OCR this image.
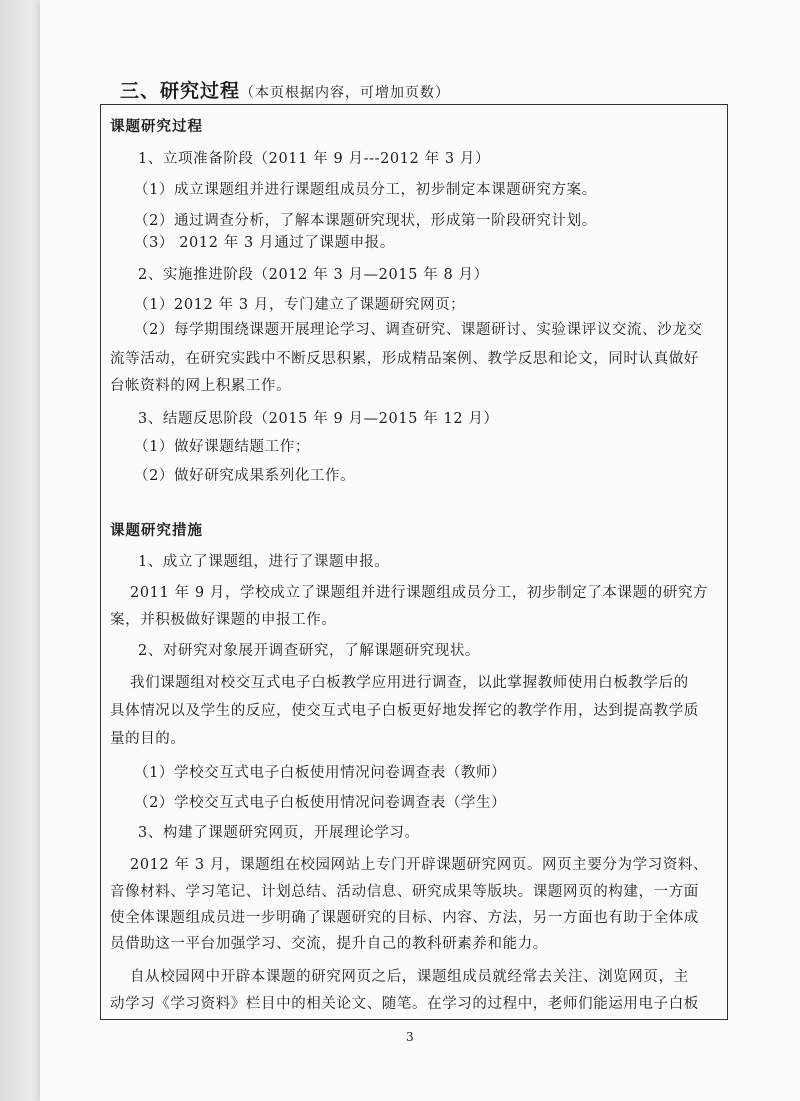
三、研究过程（本页根据内容，可增加页数）
课题研究过程
1、立项准备阶段（2011 年 9 月---2012 年 3 月）
（1）成立课题组并进行课题组成员分工，初步制定本课题研究方案。
（2）通过调查分析，了解本课题研究现状，形成第一阶段研究计划。
（3） 2012 年 3 月通过了课题申报。
2、实施推进阶段（2012 年 3 月—2015 年 8 月）
（1）2012 年 3 月，专门建立了课题研究网页；
（2）每学期围绕课题开展理论学习、调查研究、课题研讨、实验课评议交流、沙龙交
流等活动，在研究实践中不断反思积累，形成精品案例、教学反思和论文，同时认真做好
台帐资料的网上积累工作。
3、结题反思阶段（2015 年 9 月—2015 年 12 月）
（1）做好课题结题工作；
（2）做好研究成果系列化工作。
课题研究措施
1、成立了课题组，进行了课题申报。
2011 年 9 月，学校成立了课题组并进行课题组成员分工，初步制定了本课题的研究方
案，并积极做好课题的申报工作。
2、对研究对象展开调查研究，了解课题研究现状。
我们课题组对校交互式电子白板教学应用进行调查，以此掌握教师使用白板教学后的
具体情况以及学生的反应，使交互式电子白板更好地发挥它的教学作用，达到提高教学质
量的目的。
（1）学校交互式电子白板使用情况问卷调查表（教师）
（2）学校交互式电子白板使用情况问卷调查表（学生）
3、构建了课题研究网页，开展理论学习。
2012 年 3 月，课题组在校园网站上专门开辟课题研究网页。网页主要分为学习资料、
音像材料、学习笔记、计划总结、活动信息、研究成果等版块。课题网页的构建，一方面
使全体课题组成员进一步明确了课题研究的目标、内容、方法，另一方面也有助于全体成
员借助这一平台加强学习、交流，提升自己的教科研素养和能力。
自从校园网中开辟本课题的研究网页之后，课题组成员就经常去关注、浏览网页，主
动学习《学习资料》栏目中的相关论文、随笔。在学习的过程中，老师们能运用电子白板
3
